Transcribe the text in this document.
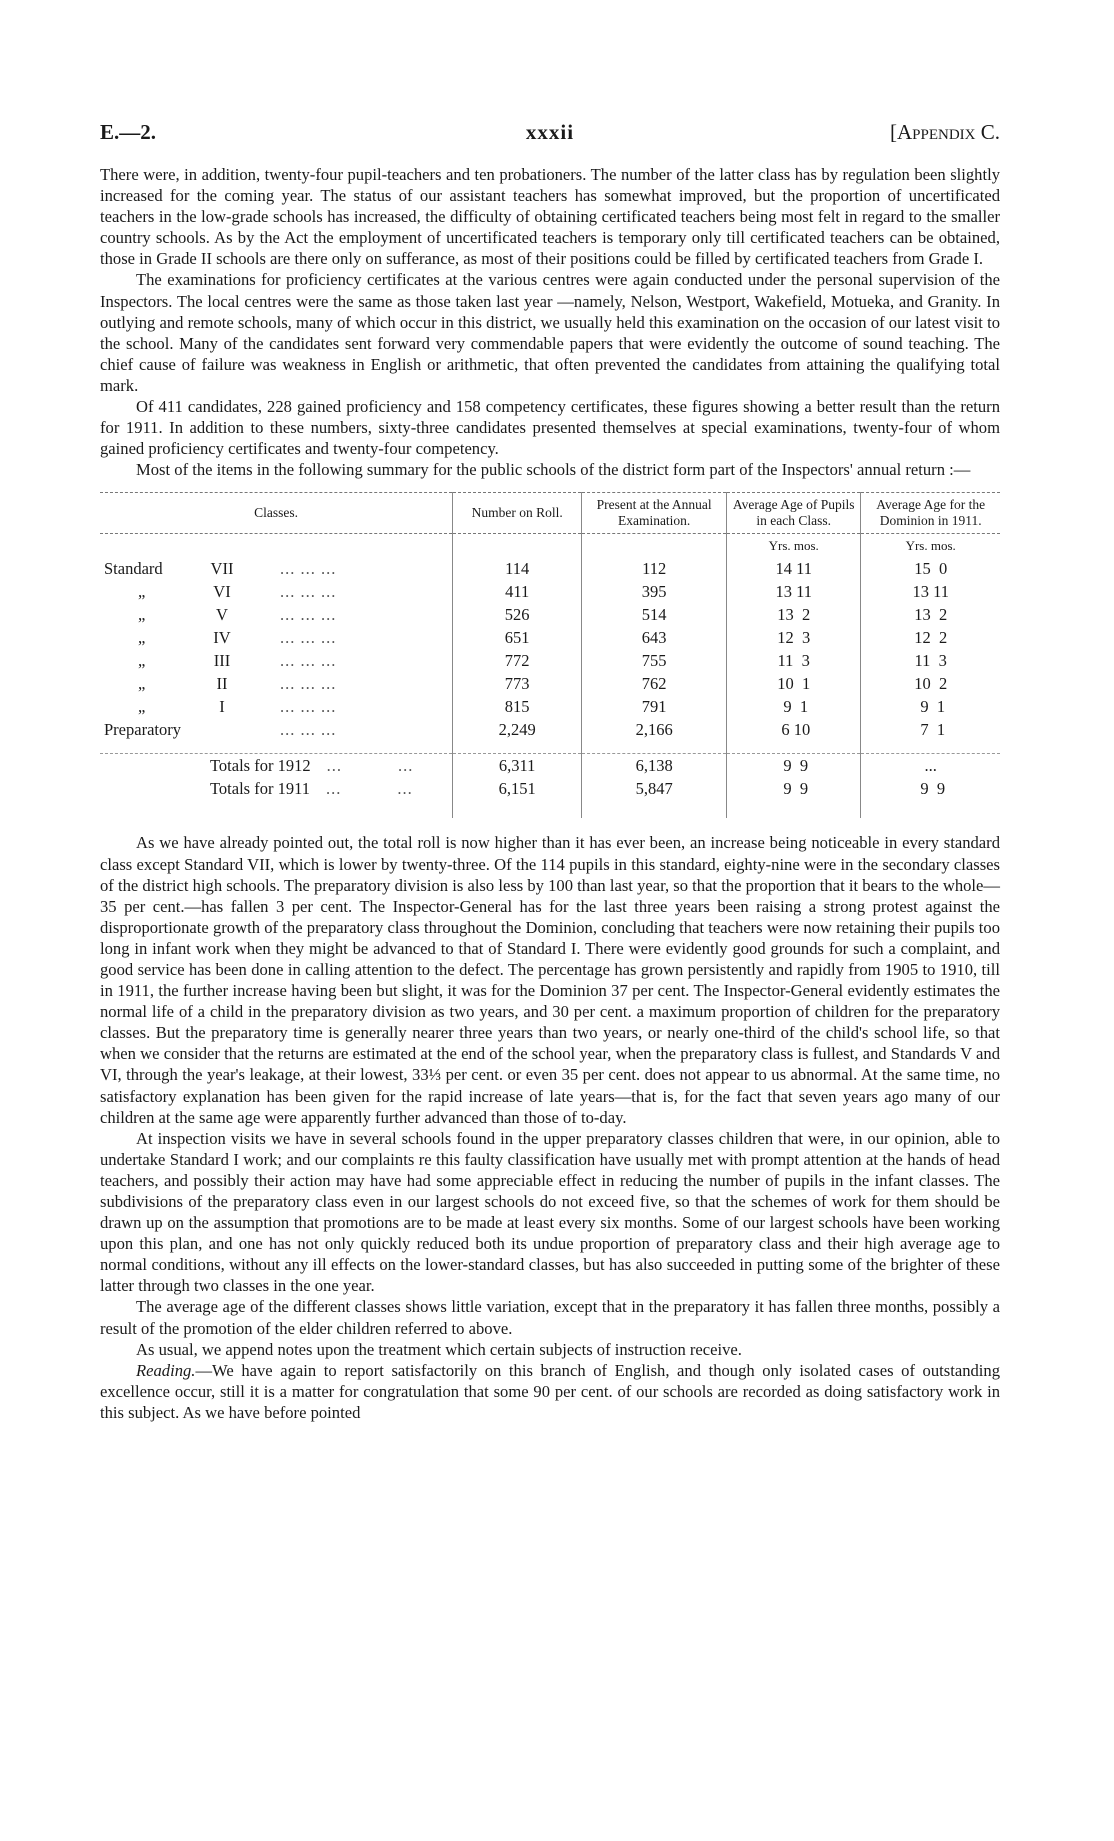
E.—2.	xxxii	[Appendix C.

There were, in addition, twenty-four pupil-teachers and ten probationers. The number of the latter class has by regulation been slightly increased for the coming year. The status of our assistant teachers has somewhat improved, but the proportion of uncertificated teachers in the low-grade schools has increased, the difficulty of obtaining certificated teachers being most felt in regard to the smaller country schools. As by the Act the employment of uncertificated teachers is temporary only till certificated teachers can be obtained, those in Grade II schools are there only on sufferance, as most of their positions could be filled by certificated teachers from Grade I.

The examinations for proficiency certificates at the various centres were again conducted under the personal supervision of the Inspectors. The local centres were the same as those taken last year —namely, Nelson, Westport, Wakefield, Motueka, and Granity. In outlying and remote schools, many of which occur in this district, we usually held this examination on the occasion of our latest visit to the school. Many of the candidates sent forward very commendable papers that were evidently the outcome of sound teaching. The chief cause of failure was weakness in English or arithmetic, that often prevented the candidates from attaining the qualifying total mark.

Of 411 candidates, 228 gained proficiency and 158 competency certificates, these figures showing a better result than the return for 1911. In addition to these numbers, sixty-three candidates presented themselves at special examinations, twenty-four of whom gained proficiency certificates and twenty-four competency.

Most of the items in the following summary for the public schools of the district form part of the Inspectors' annual return :—

Classes.	Number on Roll.	Present at the Annual Examination.	Average Age of Pupils in each Class.	Average Age for the Dominion in 1911.
			Yrs. mos.	Yrs. mos.
Standard VII ... ... ...	114	112	14 11	15  0
„ VI ... ... ...	411	395	13 11	13 11
„ V ... ... ...	526	514	13  2	13  2
„ IV ... ... ...	651	643	12  3	12  2
„ III ... ... ...	772	755	11  3	11  3
„ II ... ... ...	773	762	10  1	10  2
„ I ... ... ...	815	791	9  1	9  1
Preparatory ... ... ...	2,249	2,166	6 10	7  1

Totals for 1912 ... ...	6,311	6,138	9  9	...
Totals for 1911 ... ...	6,151	5,847	9  9	9  9

As we have already pointed out, the total roll is now higher than it has ever been, an increase being noticeable in every standard class except Standard VII, which is lower by twenty-three. Of the 114 pupils in this standard, eighty-nine were in the secondary classes of the district high schools. The preparatory division is also less by 100 than last year, so that the proportion that it bears to the whole—35 per cent.—has fallen 3 per cent. The Inspector-General has for the last three years been raising a strong protest against the disproportionate growth of the preparatory class throughout the Dominion, concluding that teachers were now retaining their pupils too long in infant work when they might be advanced to that of Standard I. There were evidently good grounds for such a complaint, and good service has been done in calling attention to the defect. The percentage has grown persistently and rapidly from 1905 to 1910, till in 1911, the further increase having been but slight, it was for the Dominion 37 per cent. The Inspector-General evidently estimates the normal life of a child in the preparatory division as two years, and 30 per cent. a maximum proportion of children for the preparatory classes. But the preparatory time is generally nearer three years than two years, or nearly one-third of the child's school life, so that when we consider that the returns are estimated at the end of the school year, when the preparatory class is fullest, and Standards V and VI, through the year's leakage, at their lowest, 33⅓ per cent. or even 35 per cent. does not appear to us abnormal. At the same time, no satisfactory explanation has been given for the rapid increase of late years—that is, for the fact that seven years ago many of our children at the same age were apparently further advanced than those of to-day.

At inspection visits we have in several schools found in the upper preparatory classes children that were, in our opinion, able to undertake Standard I work; and our complaints re this faulty classification have usually met with prompt attention at the hands of head teachers, and possibly their action may have had some appreciable effect in reducing the number of pupils in the infant classes. The subdivisions of the preparatory class even in our largest schools do not exceed five, so that the schemes of work for them should be drawn up on the assumption that promotions are to be made at least every six months. Some of our largest schools have been working upon this plan, and one has not only quickly reduced both its undue proportion of preparatory class and their high average age to normal conditions, without any ill effects on the lower-standard classes, but has also succeeded in putting some of the brighter of these latter through two classes in the one year.

The average age of the different classes shows little variation, except that in the preparatory it has fallen three months, possibly a result of the promotion of the elder children referred to above.

As usual, we append notes upon the treatment which certain subjects of instruction receive.

Reading.—We have again to report satisfactorily on this branch of English, and though only isolated cases of outstanding excellence occur, still it is a matter for congratulation that some 90 per cent. of our schools are recorded as doing satisfactory work in this subject. As we have before pointed
